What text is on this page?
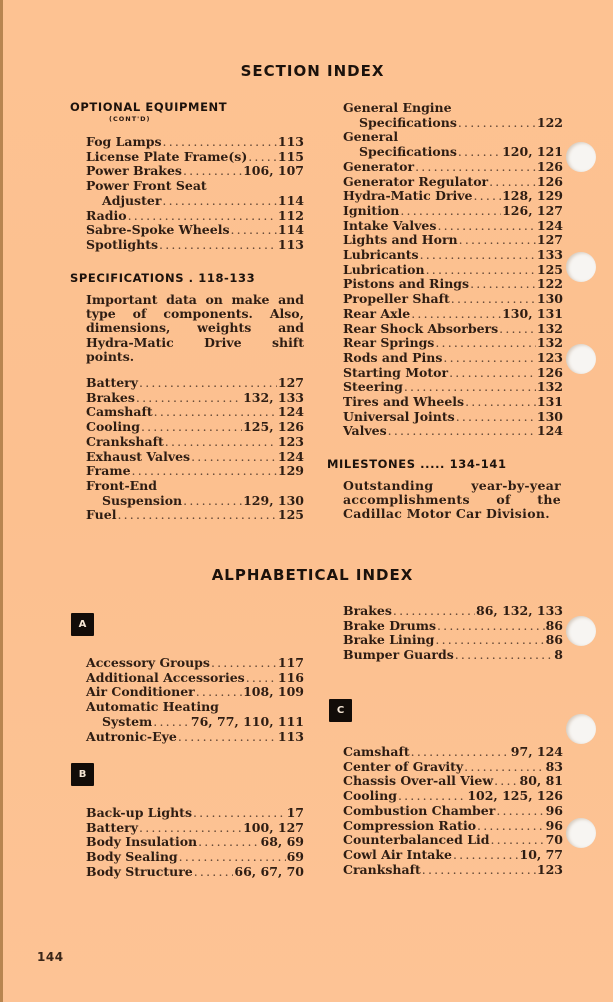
SECTION INDEX
OPTIONAL EQUIPMENT
(CONT'D)
Fog Lamps .....	113
License Plate Frame(s) ..... 115
Power Brakes .....	106, 107
Power Front Seat
Adjuster .....	114
Radio .....	112
Sabre-Spoke Wheels .....	114
Spotlights .....	113
SPECIFICATIONS . 118-133
Important data on make and type of components. Also, dimensions, weights and Hydra-Matic Drive shift points.
Battery .....	127
Brakes .....	132, 133
Camshaft .....	124
Cooling .....	125, 126
Crankshaft .....	123
Exhaust Valves .....	124
Frame .....	129
Front-End
Suspension .....	129, 130
Fuel .....	125
General Engine
Specifications .....	122
General
Specifications .....	120, 121
Generator .....	126
Generator Regulator .....	126
Hydra-Matic Drive ..... 128, 129
Ignition .....	126, 127
Intake Valves .....	124
Lights and Horn .....	127
Lubricants .....	133
Lubrication .....	125
Pistons and Rings .....	122
Propeller Shaft .....	130
Rear Axle .....	130, 131
Rear Shock Absorbers .....	132
Rear Springs .....	132
Rods and Pins .....	123
Starting Motor .....	126
Steering .....	132
Tires and Wheels .....	131
Universal Joints .....	130
Valves .....	124
MILESTONES ..... 134-141
Outstanding year-by-year accomplishments of the Cadillac Motor Car Division.
ALPHABETICAL INDEX
A
Accessory Groups .....	117
Additional Accessories .....	116
Air Conditioner .....	108, 109
Automatic Heating
System .....	76, 77, 110, 111
Autronic-Eye .....	113
B
Back-up Lights .....	17
Battery .....	100, 127
Body Insulation .....	68, 69
Body Sealing .....	69
Body Structure .....	66, 67, 70
Brakes .....	86, 132, 133
Brake Drums .....	86
Brake Lining .....	86
Bumper Guards .....	8
C
Camshaft .....	97, 124
Center of Gravity .....	83
Chassis Over-all View ..... 80, 81
Cooling .....	102, 125, 126
Combustion Chamber .....	96
Compression Ratio .....	96
Counterbalanced Lid .....	70
Cowl Air Intake .....	10, 77
Crankshaft .....	123
144
